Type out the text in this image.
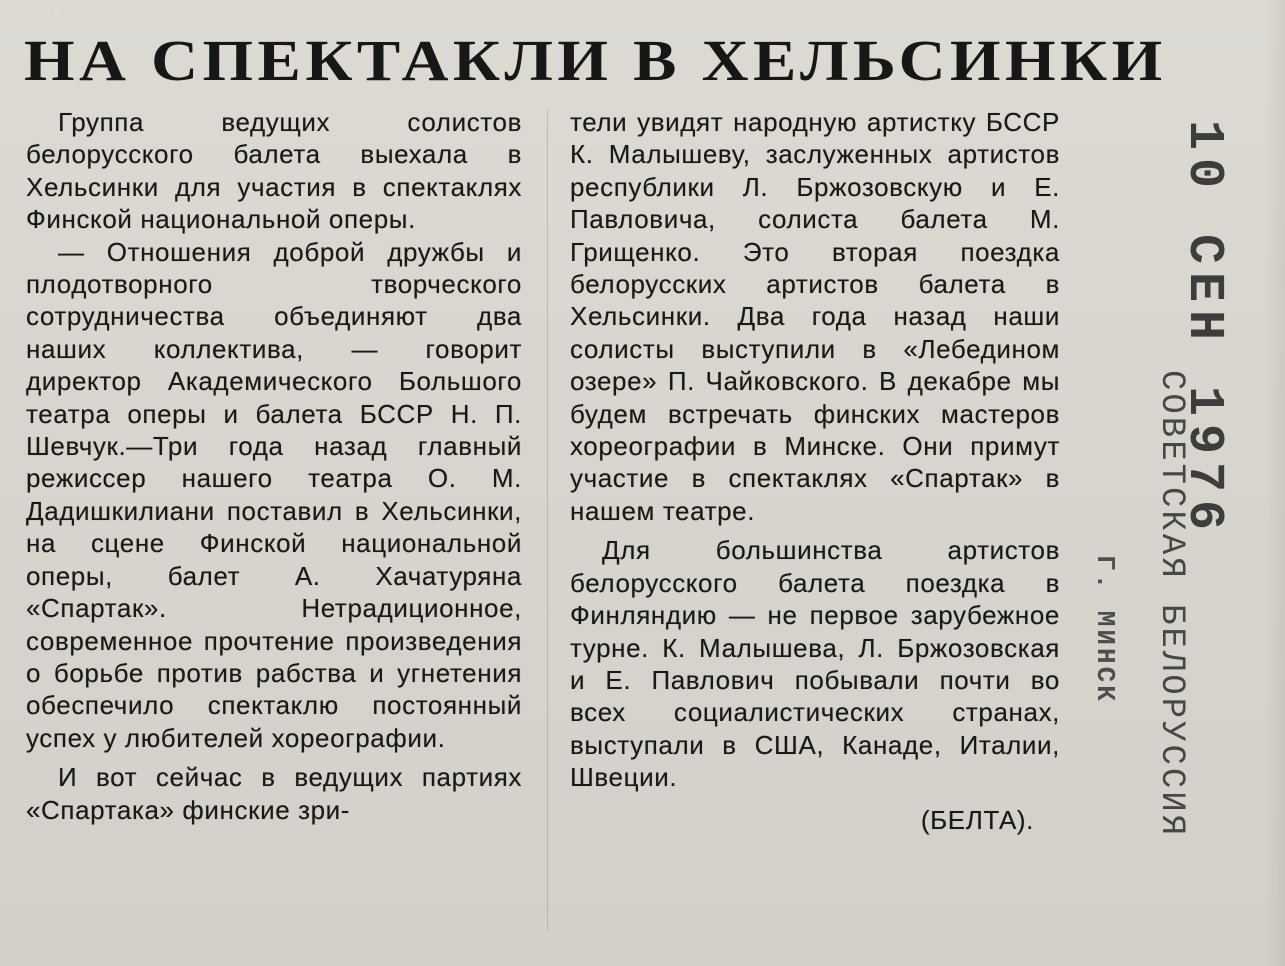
· · ·
НА СПЕКТАКЛИ В ХЕЛЬСИНКИ

Группа ведущих солистов белорусского балета выехала в Хельсинки для участия в спектаклях Финской национальной оперы.

— Отношения доброй дружбы и плодотворного творческого сотрудничества объединяют два наших коллектива, — говорит директор Академического Большого театра оперы и балета БССР Н. П. Шевчук.—Три года назад главный режиссер нашего театра О. М. Дадишкилиани поставил в Хельсинки, на сцене Финской национальной оперы, балет А. Хачатуряна «Спартак». Нетрадиционное, современное прочтение произведения о борьбе против рабства и угнетения обеспечило спектаклю постоянный успех у любителей хореографии.

И вот сейчас в ведущих партиях «Спартака» финские зри-

тели увидят народную артистку БССР К. Малышеву, заслуженных артистов республики Л. Бржозовскую и Е. Павловича, солиста балета М. Грищенко. Это вторая поездка белорусских артистов балета в Хельсинки. Два года назад наши солисты выступили в «Лебедином озере» П. Чайковского. В декабре мы будем встречать финских мастеров хореографии в Минске. Они примут участие в спектаклях «Спартак» в нашем театре.

Для большинства артистов белорусского балета поездка в Финляндию — не первое зарубежное турне. К. Малышева, Л. Бржозовская и Е. Павлович побывали почти во всех социалистических странах, выступали в США, Канаде, Италии, Швеции.

(БЕЛТА).

10 СЕН 1976
СОВЕТСКАЯ БЕЛОРУССИЯ
Г. МИНСК
